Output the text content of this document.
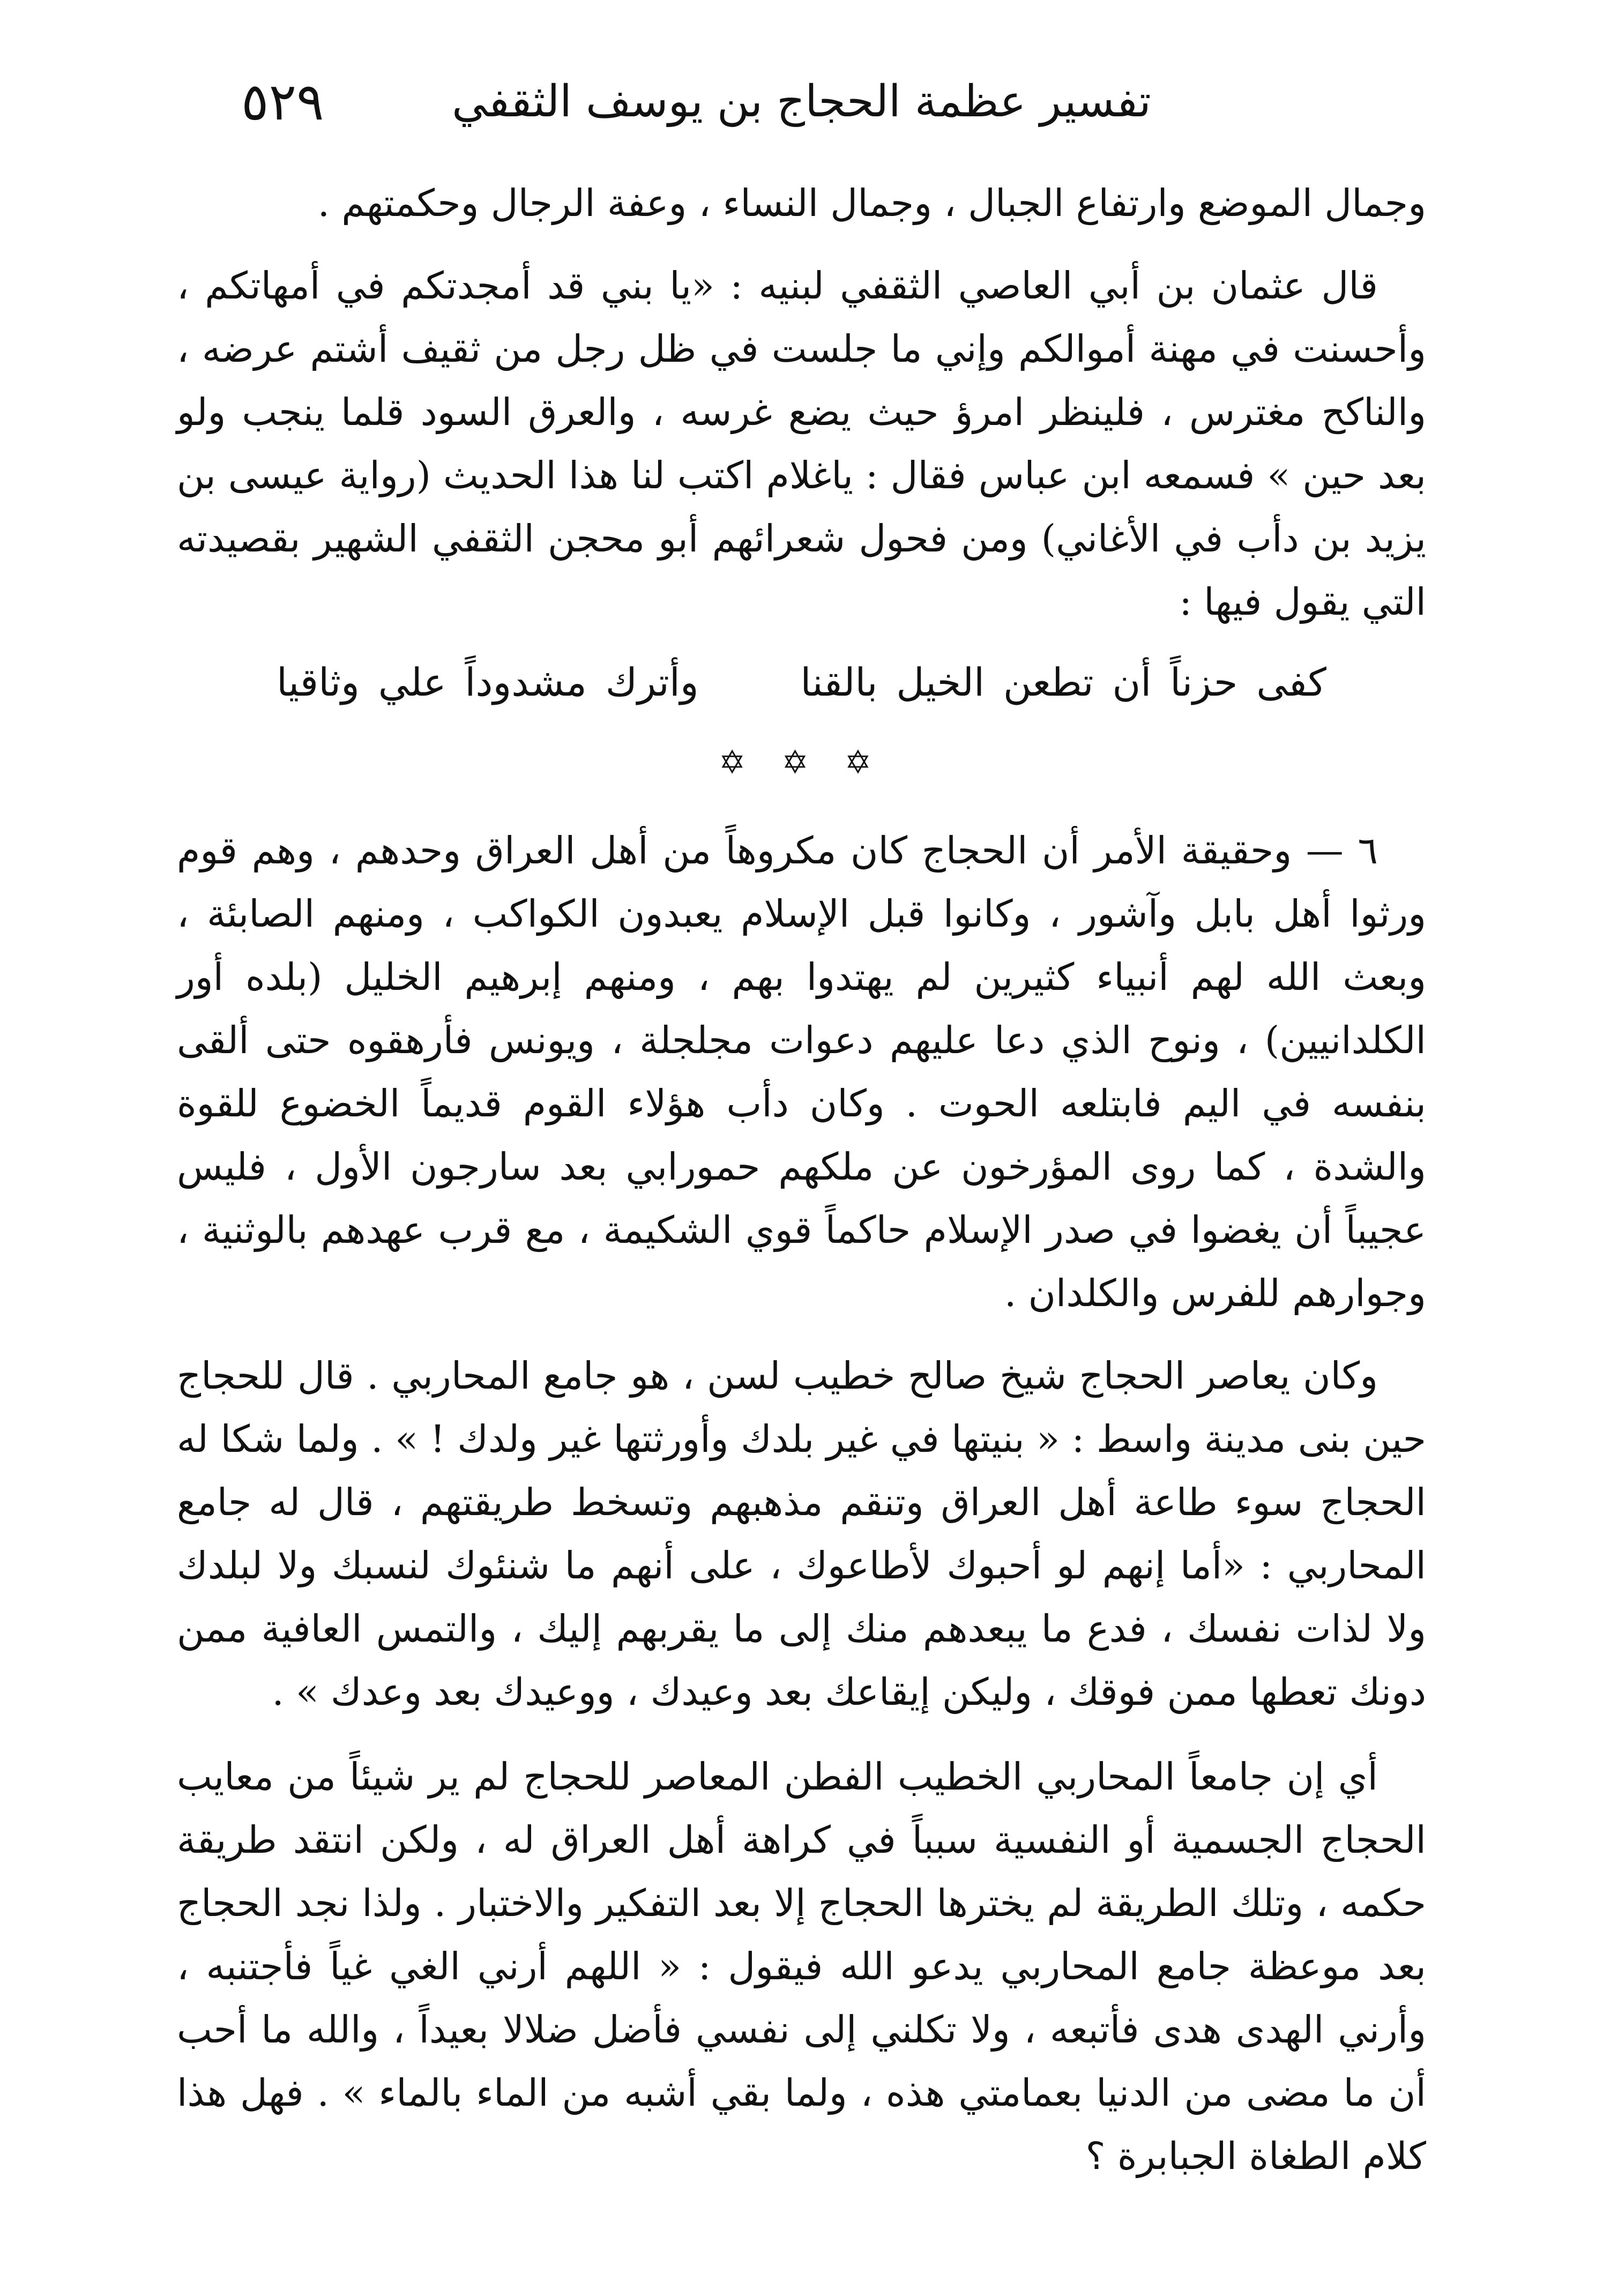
تفسير عظمة الحجاج بن يوسف الثقفي
٥٢٩

وجمال الموضع وارتفاع الجبال ، وجمال النساء ، وعفة الرجال وحكمتهم .

قال عثمان بن أبي العاصي الثقفي لبنيه : «يا بني قد أمجدتكم في أمهاتكم ، وأحسنت في مهنة أموالكم وإني ما جلست في ظل رجل من ثقيف أشتم عرضه ، والناكح مغترس ، فلينظر امرؤ حيث يضع غرسه ، والعرق السود قلما ينجب ولو بعد حين » فسمعه ابن عباس فقال : ياغلام اكتب لنا هذا الحديث (رواية عيسى بن يزيد بن دأب في الأغاني) ومن فحول شعرائهم أبو محجن الثقفي الشهير بقصيدته التي يقول فيها :

كفى حزناً أن تطعن الخيل بالقنا  وأترك مشدوداً علي وثاقيا
✡ ✡ ✡

٦ — وحقيقة الأمر أن الحجاج كان مكروهاً من أهل العراق وحدهم ، وهم قوم ورثوا أهل بابل وآشور ، وكانوا قبل الإسلام يعبدون الكواكب ، ومنهم الصابئة ، وبعث الله لهم أنبياء كثيرين لم يهتدوا بهم ، ومنهم إبرهيم الخليل (بلده أور الكلدانيين) ، ونوح الذي دعا عليهم دعوات مجلجلة ، ويونس فأرهقوه حتى ألقى بنفسه في اليم فابتلعه الحوت . وكان دأب هؤلاء القوم قديماً الخضوع للقوة والشدة ، كما روى المؤرخون عن ملكهم حمورابي بعد سارجون الأول ، فليس عجيباً أن يغضوا في صدر الإسلام حاكماً قوي الشكيمة ، مع قرب عهدهم بالوثنية ، وجوارهم للفرس والكلدان .

وكان يعاصر الحجاج شيخ صالح خطيب لسن ، هو جامع المحاربي . قال للحجاج حين بنى مدينة واسط : « بنيتها في غير بلدك وأورثتها غير ولدك ! » . ولما شكا له الحجاج سوء طاعة أهل العراق وتنقم مذهبهم وتسخط طريقتهم ، قال له جامع المحاربي : «أما إنهم لو أحبوك لأطاعوك ، على أنهم ما شنئوك لنسبك ولا لبلدك ولا لذات نفسك ، فدع ما يبعدهم منك إلى ما يقربهم إليك ، والتمس العافية ممن دونك تعطها ممن فوقك ، وليكن إيقاعك بعد وعيدك ، ووعيدك بعد وعدك » .

أي إن جامعاً المحاربي الخطيب الفطن المعاصر للحجاج لم ير شيئاً من معايب الحجاج الجسمية أو النفسية سبباً في كراهة أهل العراق له ، ولكن انتقد طريقة حكمه ، وتلك الطريقة لم يخترها الحجاج إلا بعد التفكير والاختبار . ولذا نجد الحجاج بعد موعظة جامع المحاربي يدعو الله فيقول : « اللهم أرني الغي غياً فأجتنبه ، وأرني الهدى هدى فأتبعه ، ولا تكلني إلى نفسي فأضل ضلالا بعيداً ، والله ما أحب أن ما مضى من الدنيا بعمامتي هذه ، ولما بقي أشبه من الماء بالماء » . فهل هذا كلام الطغاة الجبابرة ؟
